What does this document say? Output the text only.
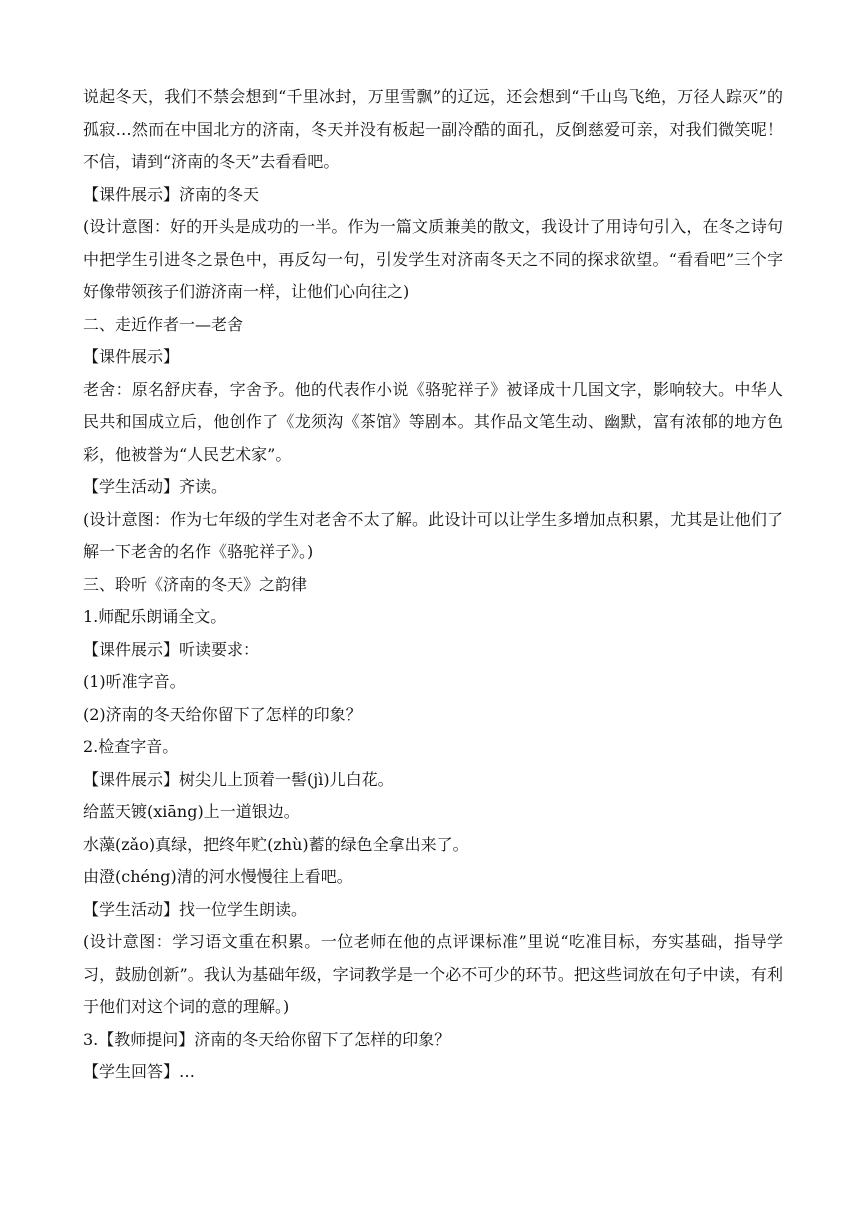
说起冬天，我们不禁会想到“千里冰封，万里雪飘”的辽远，还会想到“千山鸟飞绝，万径人踪灭”的孤寂…然而在中国北方的济南，冬天并没有板起一副冷酷的面孔，反倒慈爱可亲，对我们微笑呢！不信，请到“济南的冬天”去看看吧。

【课件展示】济南的冬天

(设计意图：好的开头是成功的一半。作为一篇文质兼美的散文，我设计了用诗句引入，在冬之诗句中把学生引进冬之景色中，再反勾一句，引发学生对济南冬天之不同的探求欲望。“看看吧”三个字好像带领孩子们游济南一样，让他们心向往之)

二、走近作者一—老舍

【课件展示】

老舍：原名舒庆春，字舍予。他的代表作小说《骆驼祥子》被译成十几国文字，影响较大。中华人民共和国成立后，他创作了《龙须沟《茶馆》等剧本。其作品文笔生动、幽默，富有浓郁的地方色彩，他被誉为“人民艺术家”。

【学生活动】齐读。

(设计意图：作为七年级的学生对老舍不太了解。此设计可以让学生多增加点积累，尤其是让他们了解一下老舍的名作《骆驼祥子》。)

三、聆听《济南的冬天》之韵律

1.师配乐朗诵全文。

【课件展示】听读要求：

(1)听准字音。

(2)济南的冬天给你留下了怎样的印象？

2.检查字音。

【课件展示】树尖儿上顶着一髻(jì)儿白花。

给蓝天镀(xiāng)上一道银边。

水藻(zǎo)真绿，把终年贮(zhù)蓄的绿色全拿出来了。

由澄(chéng)清的河水慢慢往上看吧。

【学生活动】找一位学生朗读。

(设计意图：学习语文重在积累。一位老师在他的点评课标准”里说“吃准目标，夯实基础，指导学习，鼓励创新”。我认为基础年级，字词教学是一个必不可少的环节。把这些词放在句子中读，有利于他们对这个词的意的理解。)

3.【教师提问】济南的冬天给你留下了怎样的印象？

【学生回答】…
